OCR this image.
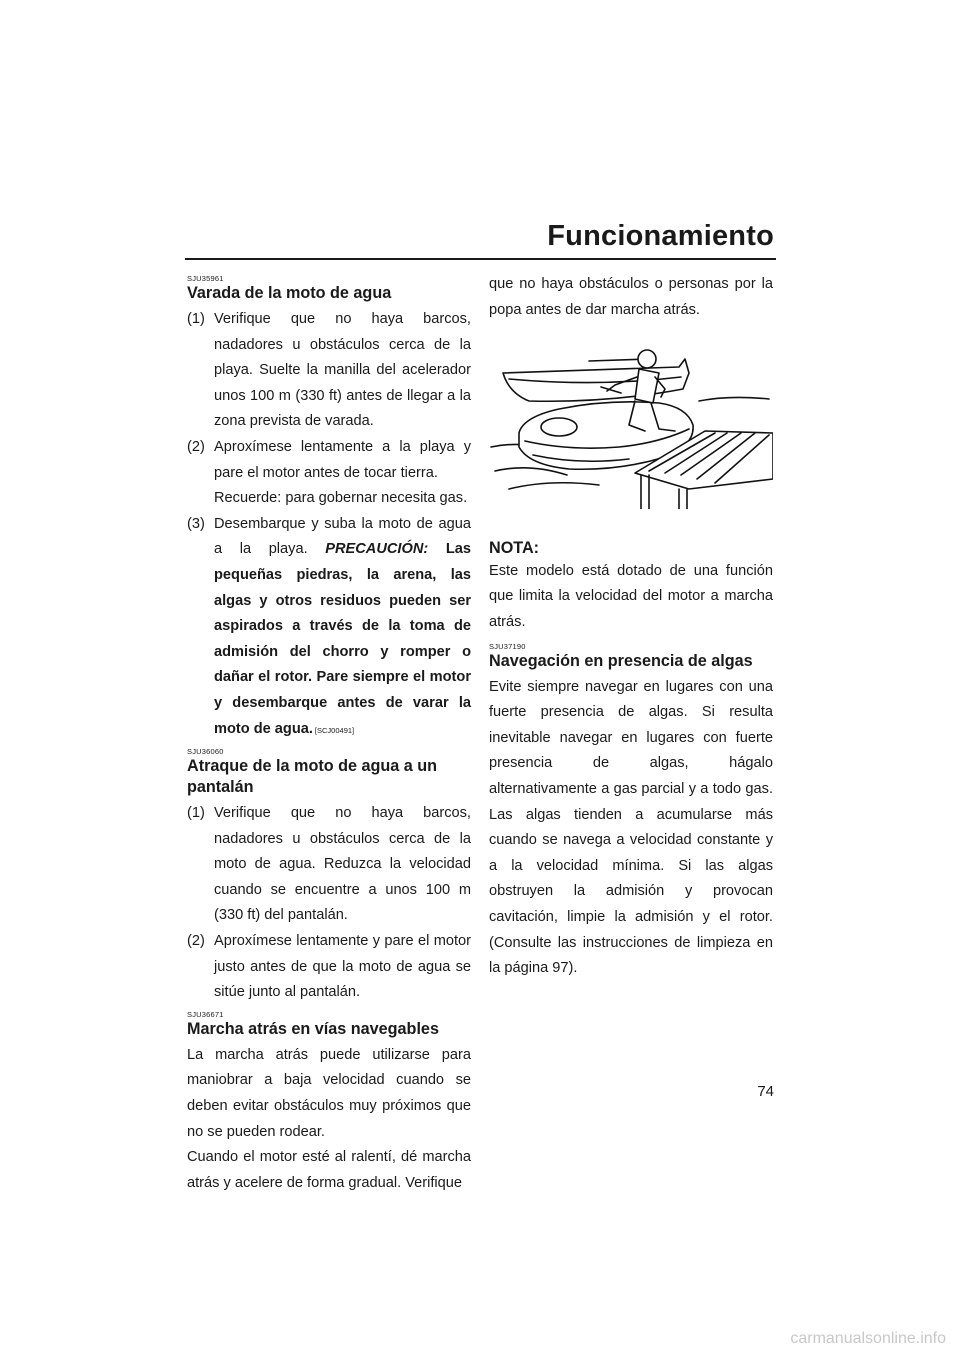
Funcionamiento
SJU35961
Varada de la moto de agua
(1) Verifique que no haya barcos, nadadores u obstáculos cerca de la playa. Suelte la manilla del acelerador unos 100 m (330 ft) antes de llegar a la zona prevista de varada.
(2) Aproxímese lentamente a la playa y pare el motor antes de tocar tierra.
Recuerde: para gobernar necesita gas.
(3) Desembarque y suba la moto de agua a la playa. PRECAUCIÓN: Las pequeñas piedras, la arena, las algas y otros residuos pueden ser aspirados a través de la toma de admisión del chorro y romper o dañar el rotor. Pare siempre el motor y desembarque antes de varar la moto de agua. [SCJ00491]
SJU36060
Atraque de la moto de agua a un pantalán
(1) Verifique que no haya barcos, nadadores u obstáculos cerca de la moto de agua. Reduzca la velocidad cuando se encuentre a unos 100 m (330 ft) del pantalán.
(2) Aproxímese lentamente y pare el motor justo antes de que la moto de agua se sitúe junto al pantalán.
SJU36671
Marcha atrás en vías navegables

La marcha atrás puede utilizarse para maniobrar a baja velocidad cuando se deben evitar obstáculos muy próximos que no se pueden rodear.

Cuando el motor esté al ralentí, dé marcha atrás y acelere de forma gradual. Verifique

que no haya obstáculos o personas por la popa antes de dar marcha atrás.

NOTA:

Este modelo está dotado de una función que limita la velocidad del motor a marcha atrás.

SJU37190
Navegación en presencia de algas

Evite siempre navegar en lugares con una fuerte presencia de algas. Si resulta inevitable navegar en lugares con fuerte presencia de algas, hágalo alternativamente a gas parcial y a todo gas. Las algas tienden a acumularse más cuando se navega a velocidad constante y a la velocidad mínima. Si las algas obstruyen la admisión y provocan cavitación, limpie la admisión y el rotor. (Consulte las instrucciones de limpieza en la página 97).

74
carmanualsonline.info
